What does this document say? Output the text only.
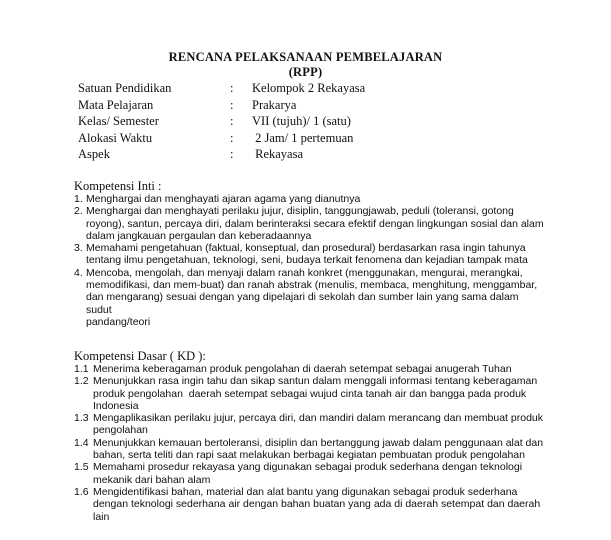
RENCANA PELAKSANAAN PEMBELAJARAN
(RPP)
Satuan Pendidikan	:	Kelompok 2 Rekayasa
Mata Pelajaran	:	Prakarya
Kelas/ Semester	:	VII (tujuh)/ 1 (satu)
Alokasi Waktu	:	2 Jam/ 1 pertemuan
Aspek	:	Rekayasa
Kompetensi Inti :
1. Menghargai dan menghayati ajaran agama yang dianutnya
2. Menghargai dan menghayati perilaku jujur, disiplin, tanggungjawab, peduli (toleransi, gotong
royong), santun, percaya diri, dalam berinteraksi secara efektif dengan lingkungan sosial dan alam
dalam jangkauan pergaulan dan keberadaannya
3. Memahami pengetahuan (faktual, konseptual, dan prosedural) berdasarkan rasa ingin tahunya
tentang ilmu pengetahuan, teknologi, seni, budaya terkait fenomena dan kejadian tampak mata
4. Mencoba, mengolah, dan menyaji dalam ranah konkret (menggunakan, mengurai, merangkai,
memodifikasi, dan mem-buat) dan ranah abstrak (menulis, membaca, menghitung, menggambar,
dan mengarang) sesuai dengan yang dipelajari di sekolah dan sumber lain yang sama dalam sudut
pandang/teori
Kompetensi Dasar ( KD ):
1.1 Menerima keberagaman produk pengolahan di daerah setempat sebagai anugerah Tuhan
1.2 Menunjukkan rasa ingin tahu dan sikap santun dalam menggali informasi tentang keberagaman
produk pengolahan  daerah setempat sebagai wujud cinta tanah air dan bangga pada produk
Indonesia
1.3 Mengaplikasikan perilaku jujur, percaya diri, dan mandiri dalam merancang dan membuat produk
pengolahan
1.4 Menunjukkan kemauan bertoleransi, disiplin dan bertanggung jawab dalam penggunaan alat dan
bahan, serta teliti dan rapi saat melakukan berbagai kegiatan pembuatan produk pengolahan
1.5 Memahami prosedur rekayasa yang digunakan sebagai produk sederhana dengan teknologi
mekanik dari bahan alam
1.6 Mengidentifikasi bahan, material dan alat bantu yang digunakan sebagai produk sederhana
dengan teknologi sederhana air dengan bahan buatan yang ada di daerah setempat dan daerah
lain
